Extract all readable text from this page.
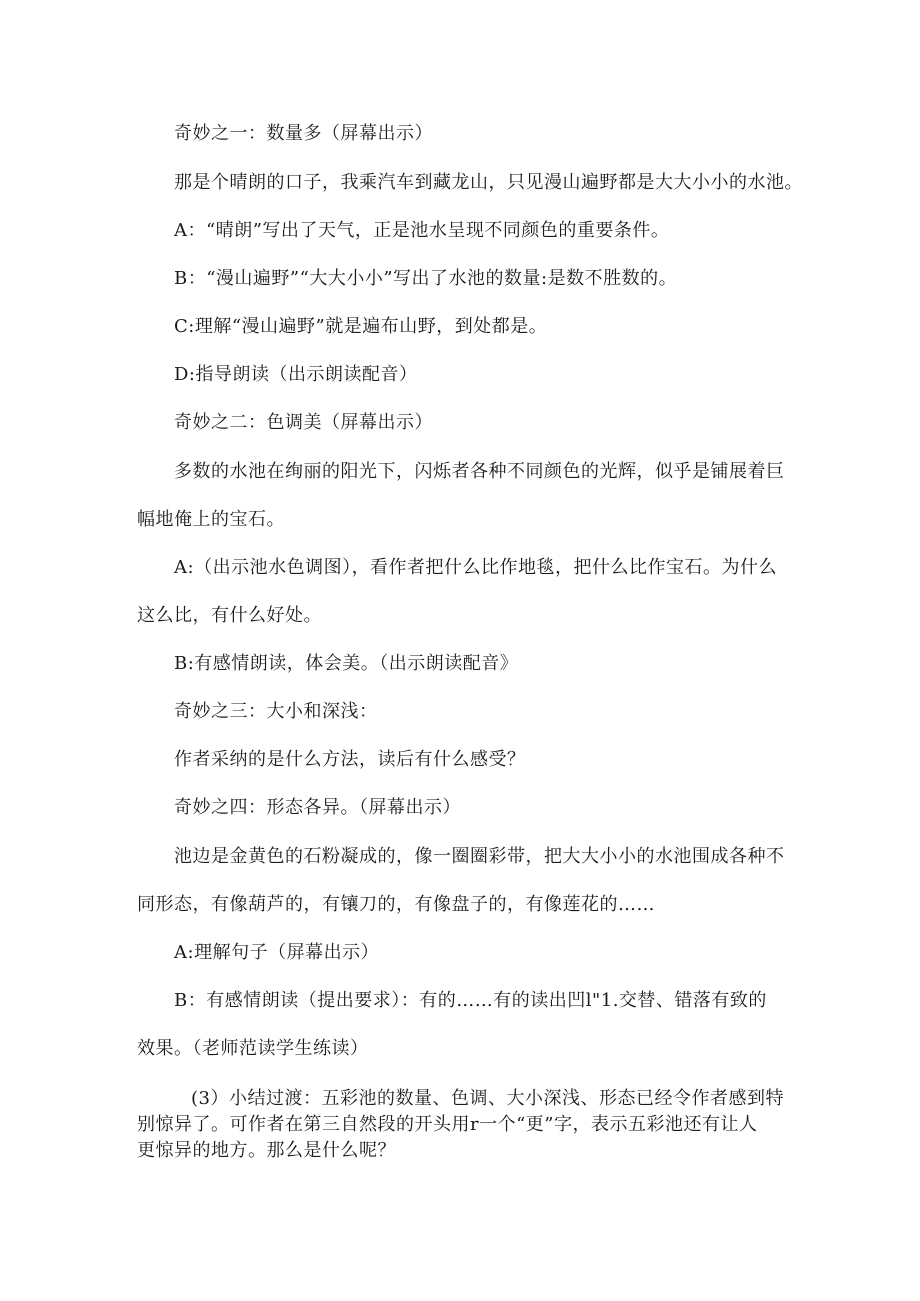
奇妙之一：数量多（屏幕出示）
那是个晴朗的口子，我乘汽车到藏龙山，只见漫山遍野都是大大小小的水池。
A：“晴朗”写出了天气，正是池水呈现不同颜色的重要条件。
B：“漫山遍野”“大大小小”写出了水池的数量:是数不胜数的。
C:理解“漫山遍野”就是遍布山野，到处都是。
D:指导朗读（出示朗读配音）
奇妙之二：色调美（屏幕出示）
多数的水池在绚丽的阳光下，闪烁者各种不同颜色的光辉，似乎是铺展着巨
幅地俺上的宝石。
A:（出示池水色调图），看作者把什么比作地毯，把什么比作宝石。为什么
这么比，有什么好处。
B:有感情朗读，体会美。（出示朗读配音》
奇妙之三：大小和深浅：
作者采纳的是什么方法，读后有什么感受？
奇妙之四：形态各异。（屏幕出示）
池边是金黄色的石粉凝成的，像一圈圈彩带，把大大小小的水池围成各种不
同形态，有像葫芦的，有镶刀的，有像盘子的，有像莲花的……
A:理解句子（屏幕出示）
B：有感情朗读（提出要求）：有的……有的读出凹l"1.交替、错落有致的
效果。（老师范读学生练读）
(3）小结过渡：五彩池的数量、色调、大小深浅、形态已经令作者感到特
别惊异了。可作者在第三自然段的开头用r一个“更”字，表示五彩池还有让人
更惊异的地方。那么是什么呢？
